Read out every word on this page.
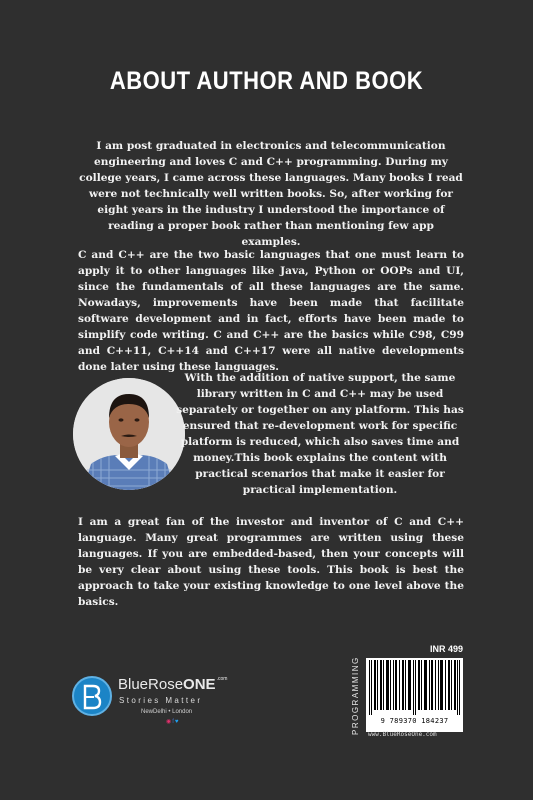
ABOUT AUTHOR AND BOOK
I am post graduated in electronics and telecommunication engineering and loves C and C++ programming. During my college years, I came across these languages. Many books I read were not technically well written books. So, after working for eight years in the industry I understood the importance of reading a proper book rather than mentioning few app examples.
C and C++ are the two basic languages that one must learn to apply it to other languages like Java, Python or OOPs and UI, since the fundamentals of all these languages are the same. Nowadays, improvements have been made that facilitate software development and in fact, efforts have been made to simplify code writing. C and C++ are the basics while C98, C99 and C++11, C++14 and C++17 were all native developments done later using these languages.
With the addition of native support, the same library written in C and C++ may be used separately or together on any platform. This has ensured that re-development work for specific platform is reduced, which also saves time and money.This book explains the content with practical scenarios that make it easier for practical implementation.
I am a great fan of the investor and inventor of C and C++ language. Many great programmes are written using these languages. If you are embedded-based, then your concepts will be very clear about using these tools. This book is best the approach to take your existing knowledge to one level above the basics.
BlueRoseONE$^{.com}$
Stories Matter
NewDelhi • London
◉f♥
INR 499
PROGRAMMING	9 789370 184237
www.BlueRoseOne.com
